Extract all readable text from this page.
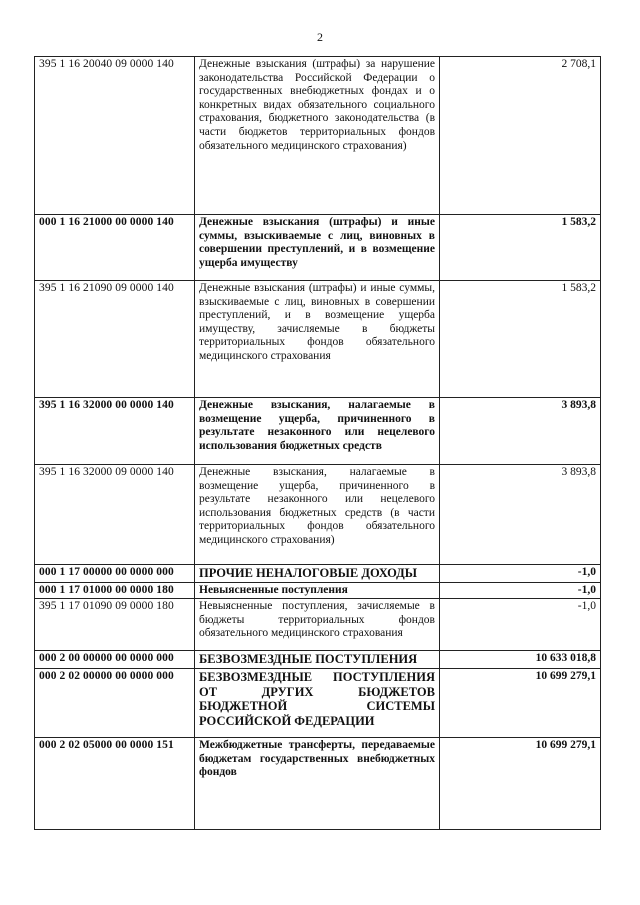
2
395 1 16 20040 09 0000 140	Денежные взыскания (штрафы) за нарушение законодательства Российской Федерации о государственных внебюджетных фондах и о конкретных видах обязательного социального страхования, бюджетного законодательства (в части бюджетов территориальных фондов обязательного медицинского страхования)	2 708,1
000 1 16 21000 00 0000 140	Денежные взыскания (штрафы) и иные суммы, взыскиваемые с лиц, виновных в совершении преступлений, и в возмещение ущерба имуществу	1 583,2
395 1 16 21090 09 0000 140	Денежные взыскания (штрафы) и иные суммы, взыскиваемые с лиц, виновных в совершении преступлений, и в возмещение ущерба имуществу, зачисляемые в бюджеты территориальных фондов обязательного медицинского страхования	1 583,2
395 1 16 32000 00 0000 140	Денежные взыскания, налагаемые в возмещение ущерба, причиненного в результате незаконного или нецелевого использования бюджетных средств	3 893,8
395 1 16 32000 09 0000 140	Денежные взыскания, налагаемые в возмещение ущерба, причиненного в результате незаконного или нецелевого использования бюджетных средств (в части территориальных фондов обязательного медицинского страхования)	3 893,8
000 1 17 00000 00 0000 000	ПРОЧИЕ НЕНАЛОГОВЫЕ ДОХОДЫ	-1,0
000 1 17 01000 00 0000 180	Невыясненные поступления	-1,0
395 1 17 01090 09 0000 180	Невыясненные поступления, зачисляемые в бюджеты территориальных фондов обязательного медицинского страхования	-1,0
000 2 00 00000 00 0000 000	БЕЗВОЗМЕЗДНЫЕ ПОСТУПЛЕНИЯ	10 633 018,8
000 2 02 00000 00 0000 000	БЕЗВОЗМЕЗДНЫЕ ПОСТУПЛЕНИЯ ОТ ДРУГИХ БЮДЖЕТОВ БЮДЖЕТНОЙ СИСТЕМЫ РОССИЙСКОЙ ФЕДЕРАЦИИ	10 699 279,1
000 2 02 05000 00 0000 151	Межбюджетные трансферты, передаваемые бюджетам государственных внебюджетных фондов	10 699 279,1
